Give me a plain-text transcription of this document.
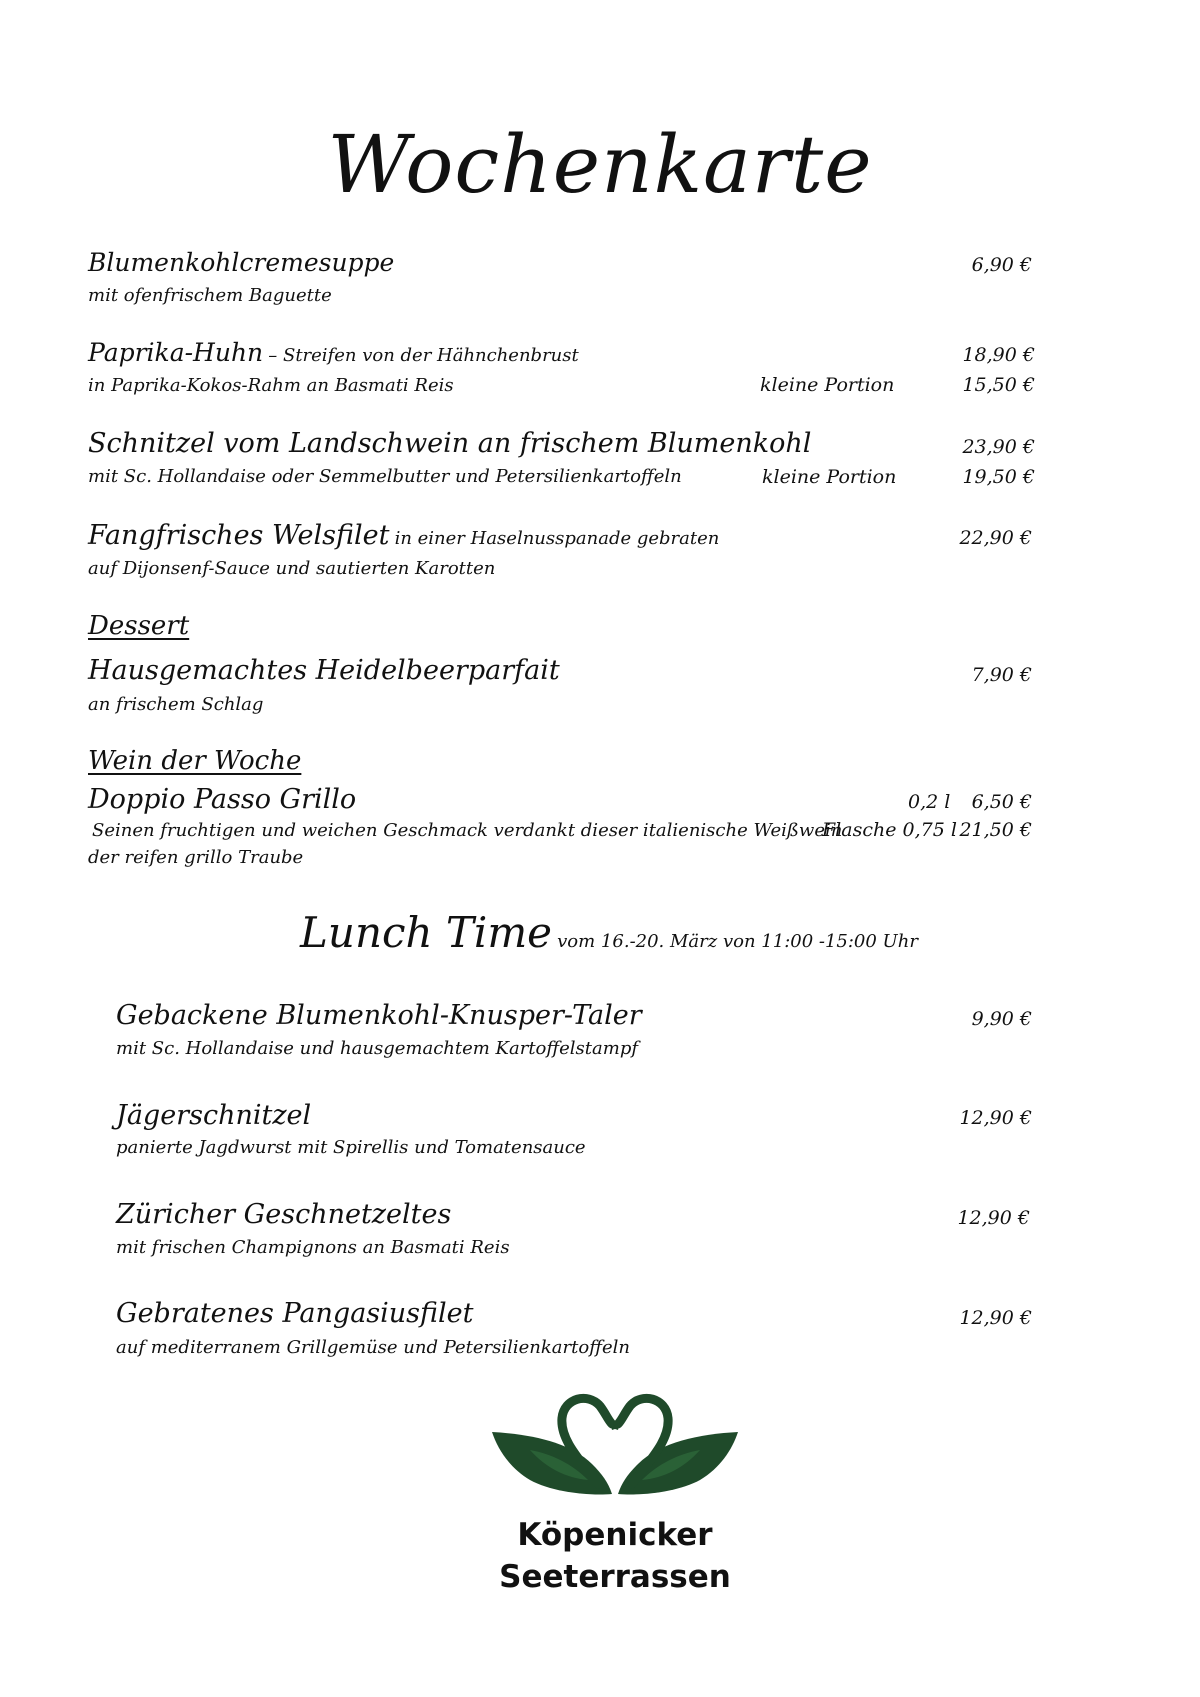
Wochenkarte
Blumenkohlcremesuppe	6,90 €
mit ofenfrischem Baguette
Paprika-Huhn – Streifen von der Hähnchenbrust	18,90 €
in Paprika-Kokos-Rahm an Basmati Reis	kleine Portion	15,50 €
Schnitzel vom Landschwein an frischem Blumenkohl	23,90 €
mit Sc. Hollandaise oder Semmelbutter und Petersilienkartoffeln	kleine Portion	19,50 €
Fangfrisches Welsfilet in einer Haselnusspanade gebraten	22,90 €
auf Dijonsenf-Sauce und sautierten Karotten
Dessert
Hausgemachtes Heidelbeerparfait	7,90 €
an frischem Schlag
Wein der Woche
Doppio Passo Grillo	0,2 l 6,50 €
Seinen fruchtigen und weichen Geschmack verdankt dieser italienische Weißwein
Flasche 0,75 l 21,50 €
der reifen grillo Traube
Lunch Time vom 16.-20. März von 11:00 -15:00 Uhr
Gebackene Blumenkohl-Knusper-Taler	9,90 €
mit Sc. Hollandaise und hausgemachtem Kartoffelstampf
Jägerschnitzel	12,90 €
panierte Jagdwurst mit Spirellis und Tomatensauce
Züricher Geschnetzeltes	12,90 €
mit frischen Champignons an Basmati Reis
Gebratenes Pangasiusfilet	12,90 €
auf mediterranem Grillgemüse und Petersilienkartoffeln
Köpenicker
Seeterrassen
